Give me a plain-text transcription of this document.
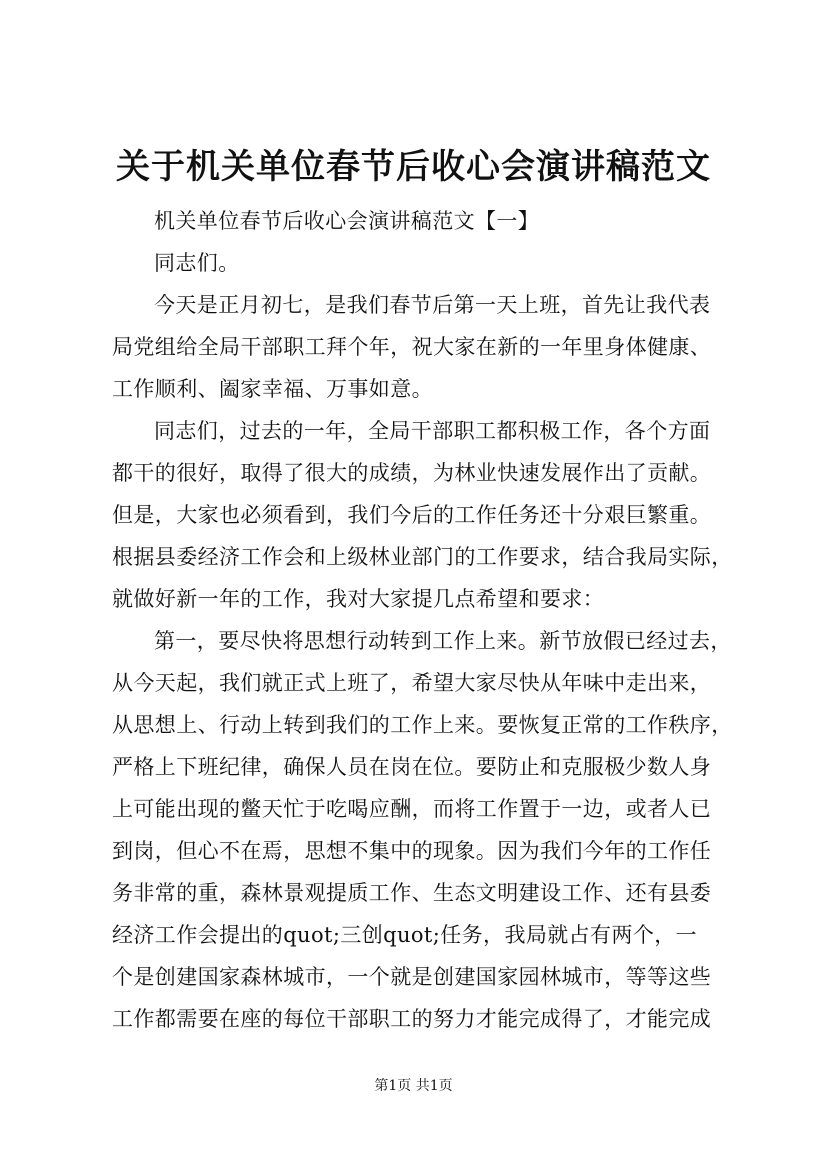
关于机关单位春节后收心会演讲稿范文
机关单位春节后收心会演讲稿范文【一】
同志们。
今天是正月初七，是我们春节后第一天上班，首先让我代表
局党组给全局干部职工拜个年，祝大家在新的一年里身体健康、
工作顺利、阖家幸福、万事如意。
同志们，过去的一年，全局干部职工都积极工作，各个方面
都干的很好，取得了很大的成绩，为林业快速发展作出了贡献。
但是，大家也必须看到，我们今后的工作任务还十分艰巨繁重。
根据县委经济工作会和上级林业部门的工作要求，结合我局实际，
就做好新一年的工作，我对大家提几点希望和要求：
第一，要尽快将思想行动转到工作上来。新节放假已经过去，
从今天起，我们就正式上班了，希望大家尽快从年味中走出来，
从思想上、行动上转到我们的工作上来。要恢复正常的工作秩序，
严格上下班纪律，确保人员在岗在位。要防止和克服极少数人身
上可能出现的鳖天忙于吃喝应酬，而将工作置于一边，或者人已
到岗，但心不在焉，思想不集中的现象。因为我们今年的工作任
务非常的重，森林景观提质工作、生态文明建设工作、还有县委
经济工作会提出的quot;三创quot;任务，我局就占有两个，一
个是创建国家森林城市，一个就是创建国家园林城市，等等这些
工作都需要在座的每位干部职工的努力才能完成得了，才能完成
第1页 共1页
